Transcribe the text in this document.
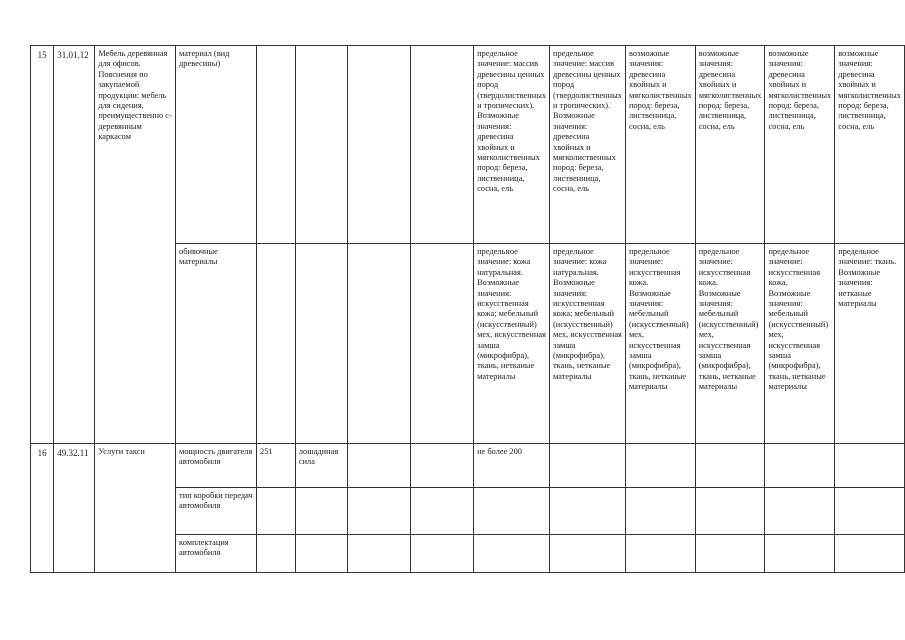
15	31.01.12	Мебель деревянная для офисов. Пояснения по закупаемой продукции: мебель для сидения, преимущественно с-деревянным каркасом	материал (вид древесины)					предельное значение: массив древесины ценных пород (твердолиственных и тропических). Возможные значения: древесина хвойных и мягколиственных пород: береза, лиственница, сосна, ель	предельное значение: массив древесины ценных пород (твердолиственных и тропических). Возможные значения: древесина хвойных и мягколиственных пород: береза, лиственница, сосна, ель	возможные значения: древесина хвойных и мягколиственных пород: береза, лиственница, сосна, ель	возможные значения: древесина хвойных и мягколиственных пород: береза, лиственница, сосна, ель	возможные значения: древесина хвойных и мягколиственных пород: береза, лиственница, сосна, ель	возможные значения: древесина хвойных и мягколиственных пород: береза, лиственница, сосна, ель
			обивочные материалы					предельное значение: кожа натуральная. Возможные значения: искусственная кожа; мебельный (искусственный) мех, искусственная замша (микрофибра), ткань, нетканые материалы	предельное значение: кожа натуральная. Возможные значения: искусственная кожа; мебельный (искусственный) мех, искусственная замша (микрофибра), ткань, нетканые материалы	предельное значение: искусственная кожа. Возможные значения: мебельный (искусственный) мех, искусственная замша (микрофибра), ткань, нетканые материалы	предельное значение: искусственная кожа. Возможные значения: мебельный (искусственный) мех, искусственная замша (микрофибра), ткань, нетканые материалы	предельное значение: искусственная кожа. Возможные значения: мебельный (искусственный) мех, искусственная замша (микрофибра), ткань, нетканые материалы	предельное значение: ткань. Возможные значения: нетканые материалы
16	49.32.11	Услуги такси	мощность двигателя автомобиля	251	лошадиная сила			не более 200					
			тип коробки передач автомобиля										
			комплектация автомобиля										
